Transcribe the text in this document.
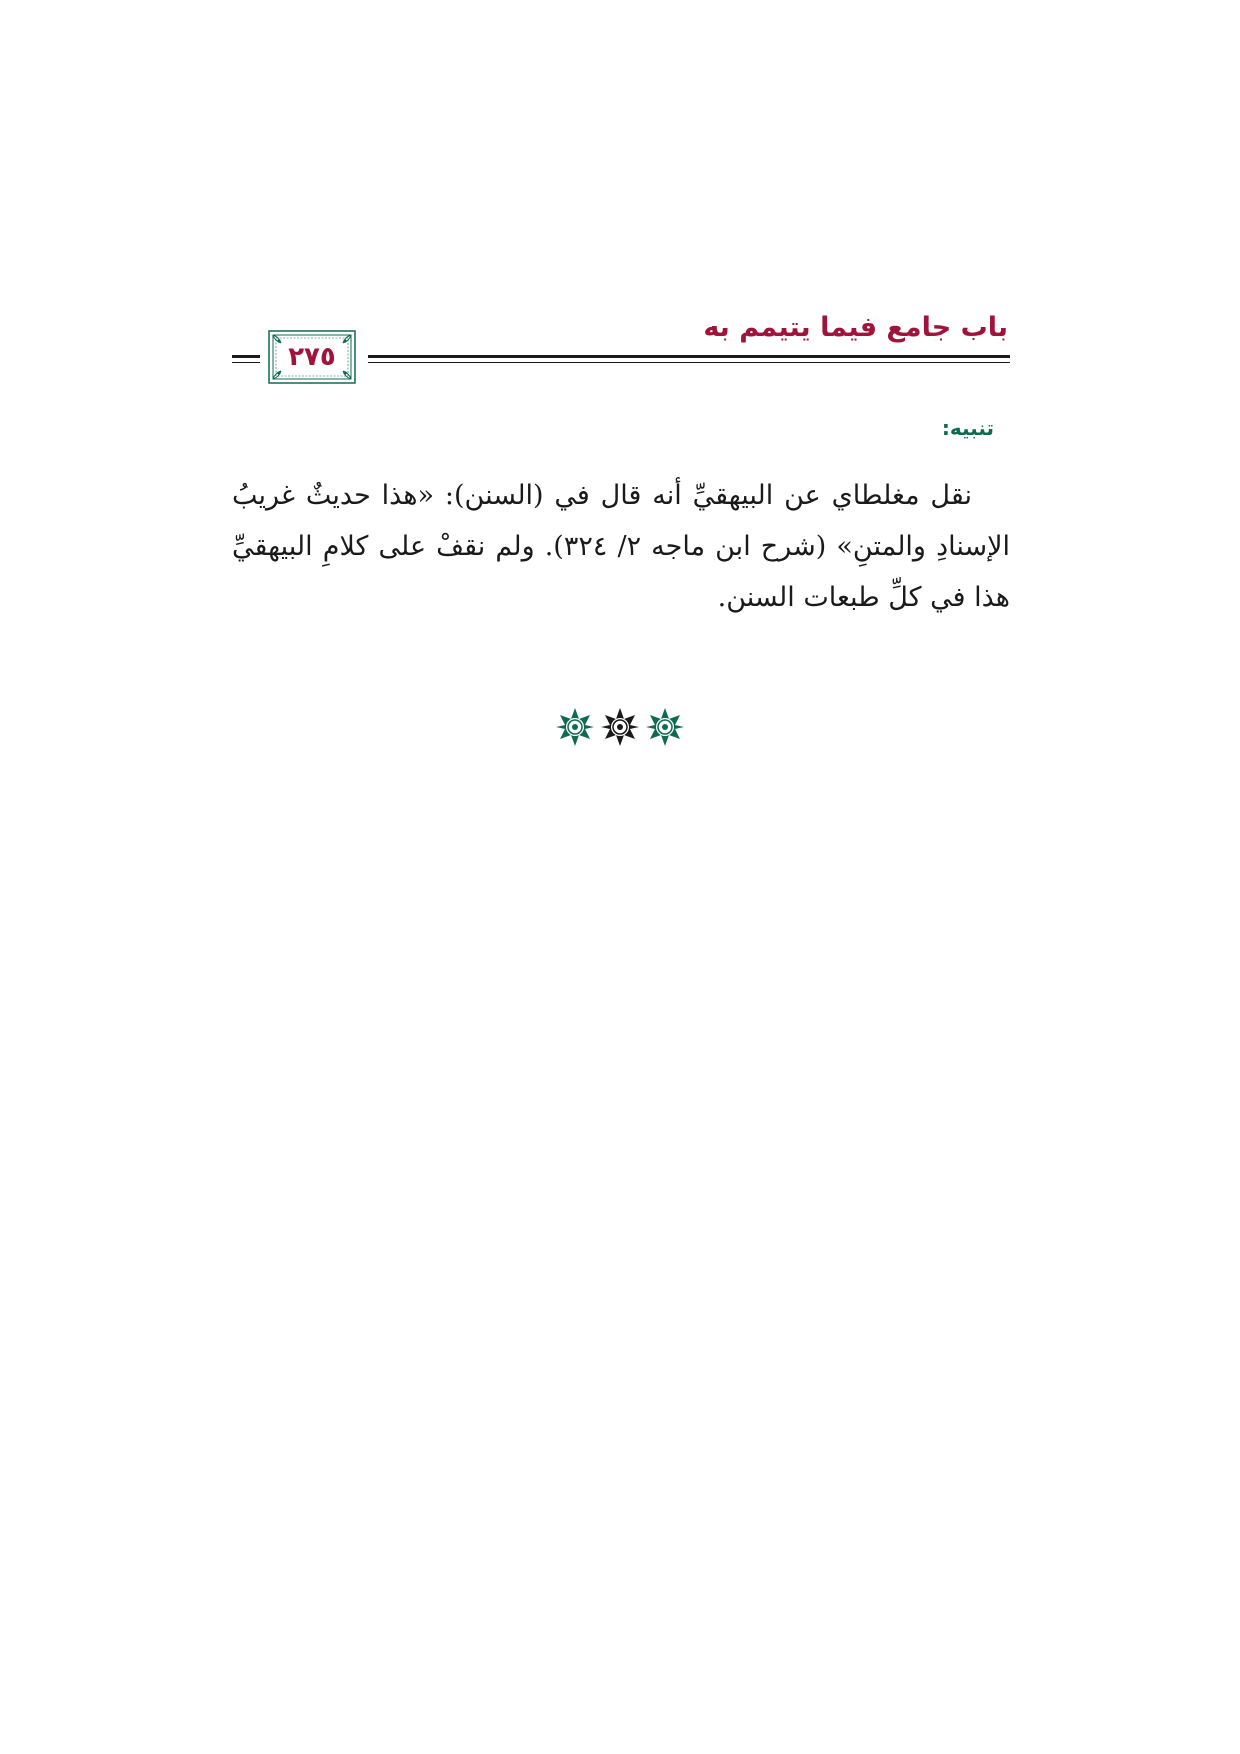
باب جامع فيما يتيمم به
٢٧٥
تنبيه:

نقل مغلطاي عن البيهقيِّ أنه قال في (السنن): «هذا حديثٌ غريبُ الإسنادِ والمتنِ» (شرح ابن ماجه ٢/ ٣٢٤). ولم نقفْ على كلامِ البيهقيِّ هذا في كلِّ طبعات السنن.
